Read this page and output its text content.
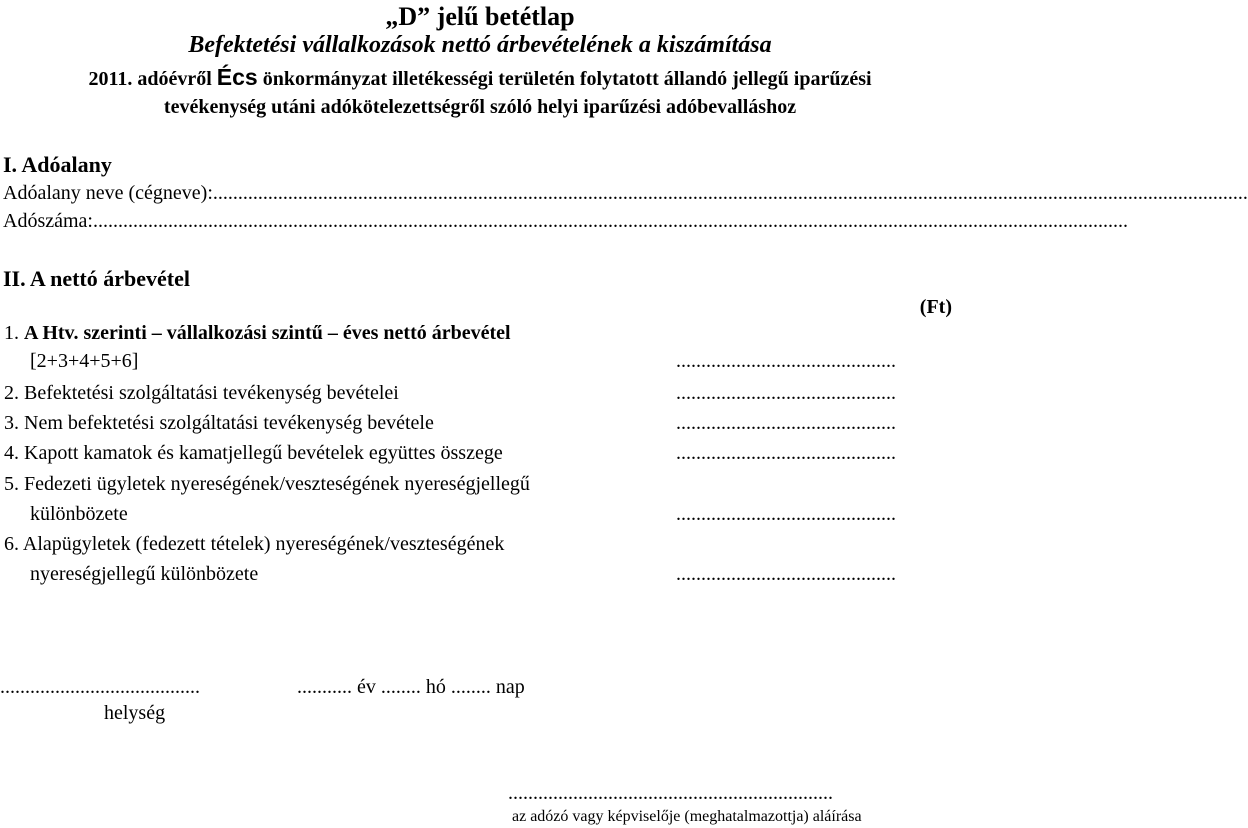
„D” jelű betétlap
Befektetési vállalkozások nettó árbevételének a kiszámítása
2011. adóévről Écs önkormányzat illetékességi területén folytatott állandó jellegű iparűzési
tevékenység utáni adókötelezettségről szóló helyi iparűzési adóbevalláshoz
I. Adóalany
Adóalany neve (cégneve):...............................................................................................................................................................................................................
Adószáma:...............................................................................................................................................................................................................
II. A nettó árbevétel
(Ft)
1. A Htv. szerinti – vállalkozási szintű – éves nettó árbevétel
[2+3+4+5+6]	............................................
2. Befektetési szolgáltatási tevékenység bevételei	............................................
3. Nem befektetési szolgáltatási tevékenység bevétele	............................................
4. Kapott kamatok és kamatjellegű bevételek együttes összege	............................................
5. Fedezeti ügyletek nyereségének/veszteségének nyereségjellegű
különbözete	............................................
6. Alapügyletek (fedezett tételek) nyereségének/veszteségének
nyereségjellegű különbözete	............................................
........................................
helység
........... év ........ hó ........ nap
.................................................................
az adózó vagy képviselője (meghatalmazottja) aláírása
